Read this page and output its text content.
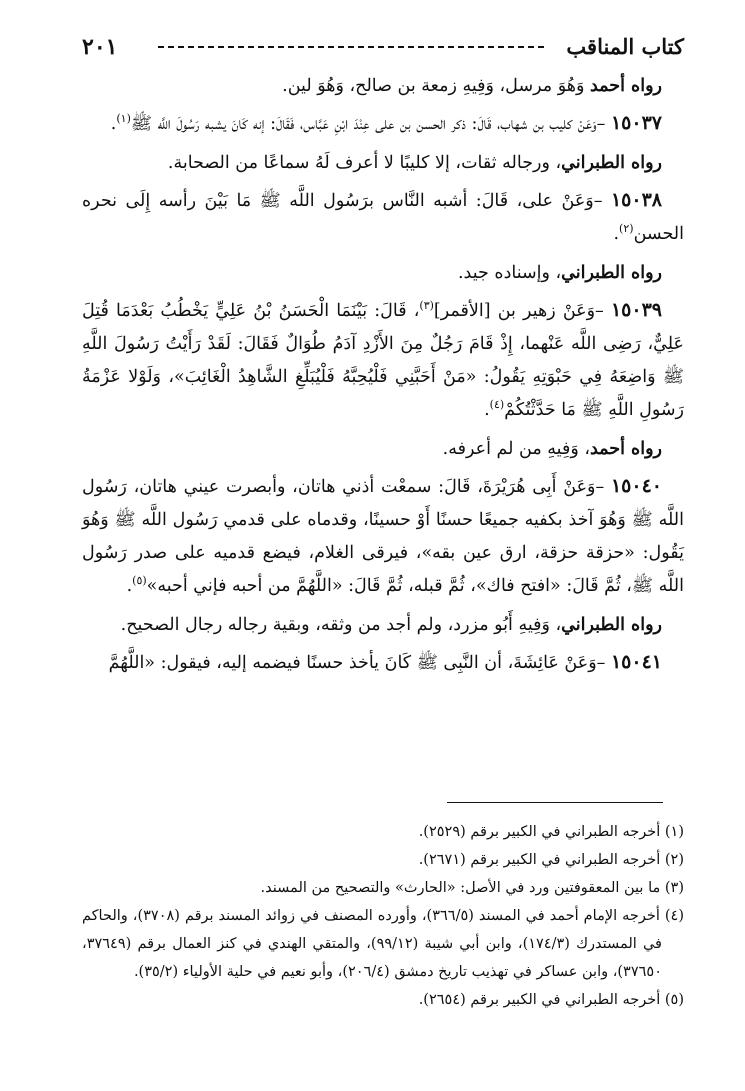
كتاب المناقب
٢٠١

رواه أحمد وَهُوَ مرسل، وَفِيهِ زمعة بن صالح، وَهُوَ لين.

١٥٠٣٧ –وَعَنْ كليب بن شهاب، قَالَ: ذكر الحسن بن على عِنْدَ ابْنِ عَبَّاس، فَقَالَ: إنه كَانَ يشبه رَسُولَ اللَّه ﷺ$^{(١)}$.

رواه الطبراني، ورجاله ثقات، إلا كليبًا لا أعرف لَهُ سماعًا من الصحابة.

١٥٠٣٨ –وَعَنْ على، قَالَ: أشبه النَّاس برَسُول اللَّه ﷺ مَا بَيْنَ رأسه إِلَى نحره الحسن$^{(٢)}$.

رواه الطبراني، وإسناده جيد.

١٥٠٣٩ –وَعَنْ زهير بن [الأقمر]$^{(٣)}$، قَالَ: بَيْنَمَا الْحَسَنُ بْنُ عَلِيٍّ يَخْطُبُ بَعْدَمَا قُتِلَ عَلِيٌّ، رَضِى اللَّه عَنْهما، إِذْ قَامَ رَجُلٌ مِنَ الأَزْدِ آدَمُ طُوَالٌ فَقَالَ: لَقَدْ رَأَيْتُ رَسُولَ اللَّهِ ﷺ وَاضِعَهُ فِي حَبْوَتِهِ يَقُولُ: «مَنْ أَحَبَّنِي فَلْيُحِبَّهُ فَلْيُبَلِّغِ الشَّاهِدُ الْغَائِبَ»، وَلَوْلا عَزْمَةُ رَسُولِ اللَّهِ ﷺ مَا حَدَّثْتُكُمْ$^{(٤)}$.

رواه أحمد، وَفِيهِ من لم أعرفه.

١٥٠٤٠ –وَعَنْ أَبِى هُرَيْرَةَ، قَالَ: سمعْت أذني هاتان، وأبصرت عيني هاتان، رَسُول اللَّه ﷺ وَهُوَ آخذ بكفيه جميعًا حسنًا أَوْ حسينًا، وقدماه على قدمي رَسُول اللَّه ﷺ وَهُوَ يَقُول: «حزقة حزقة، ارق عين بقه»، فيرقى الغلام، فيضع قدميه على صدر رَسُول اللَّه ﷺ، ثُمَّ قَالَ: «افتح فاك»، ثُمَّ قبله، ثُمَّ قَالَ: «اللَّهُمَّ من أحبه فإني أحبه»$^{(٥)}$.

رواه الطبراني، وَفِيهِ أَبُو مزرد، ولم أجد من وثقه، وبقية رجاله رجال الصحيح.

١٥٠٤١ –وَعَنْ عَائِشَةَ، أن النَّبِى ﷺ كَانَ يأخذ حسنًا فيضمه إليه، فيقول: «اللَّهُمَّ

(١) أخرجه الطبراني في الكبير برقم (٢٥٢٩).

(٢) أخرجه الطبراني في الكبير برقم (٢٦٧١).

(٣) ما بين المعقوفتين ورد في الأصل: «الحارث» والتصحيح من المسند.

(٤) أخرجه الإمام أحمد في المسند (٣٦٦/٥)، وأورده المصنف في زوائد المسند برقم (٣٧٠٨)، والحاكم في المستدرك (١٧٤/٣)، وابن أبي شيبة (٩٩/١٢)، والمتقي الهندي في كنز العمال برقم (٣٧٦٤٩، ٣٧٦٥٠)، وابن عساكر في تهذيب تاريخ دمشق (٢٠٦/٤)، وأبو نعيم في حلية الأولياء (٣٥/٢).

(٥) أخرجه الطبراني في الكبير برقم (٢٦٥٤).
